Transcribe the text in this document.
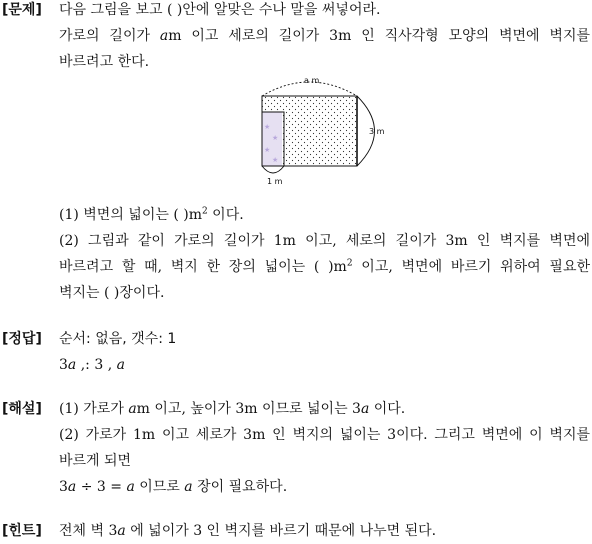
[문제] 다음 그림을 보고 ( )안에 알맞은 수나 말을 써넣어라.
가로의 길이가 am 이고 세로의 길이가 3m 인 직사각형 모양의 벽면에 벽지를
바르려고 한다.
★
★
★
★
a m
3 m
1 m
(1) 벽면의 넓이는 ( )$m^2$ 이다.
(2) 그림과 같이 가로의 길이가 1m 이고, 세로의 길이가 3m 인 벽지를 벽면에
바르려고 할 때, 벽지 한 장의 넓이는 ( )$m^2$ 이고, 벽면에 바르기 위하여 필요한
벽지는 ( )장이다.
[정답] 순서: 없음, 갯수: 1
3a ,: 3 , a
[해설] (1) 가로가 am 이고, 높이가 3m 이므로 넓이는 3a 이다.
(2) 가로가 1m 이고 세로가 3m 인 벽지의 넓이는 3이다. 그리고 벽면에 이 벽지를
바르게 되면
3a ÷ 3 = a 이므로 a 장이 필요하다.
[힌트] 전체 벽 3a 에 넓이가 3 인 벽지를 바르기 때문에 나누면 된다.
